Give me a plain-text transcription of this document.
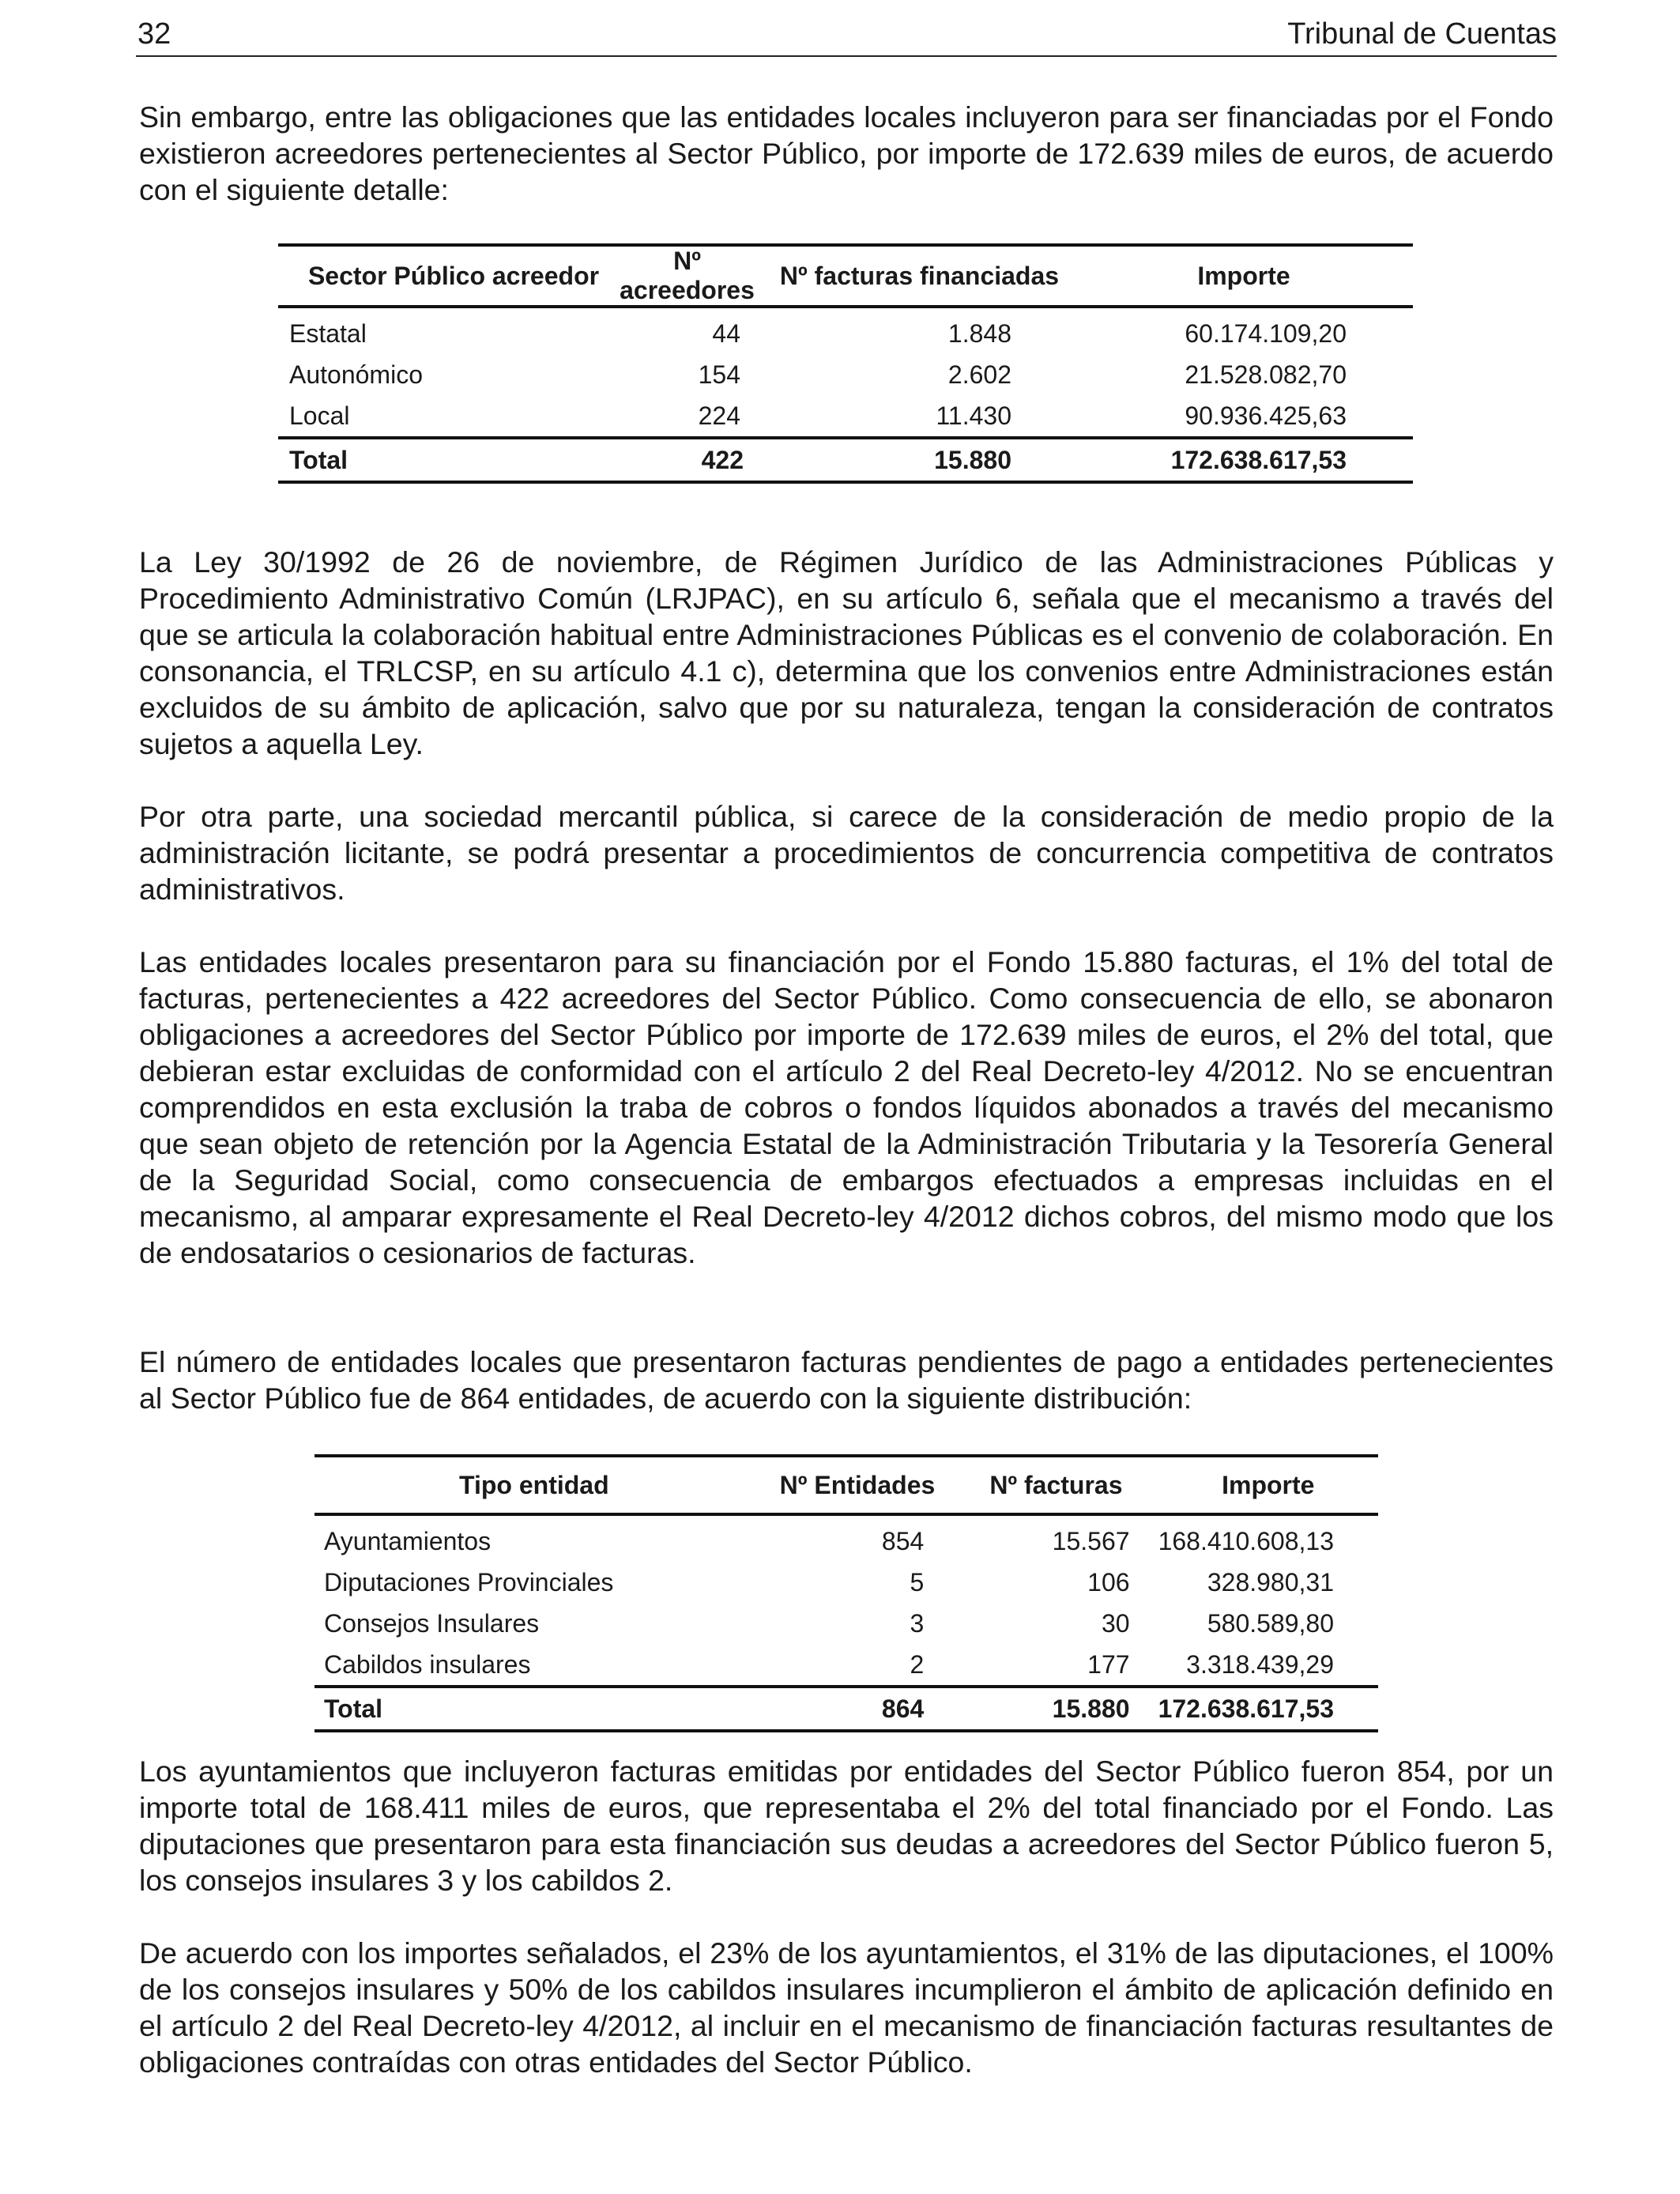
32	Tribunal de Cuentas

Sin embargo, entre las obligaciones que las entidades locales incluyeron para ser financiadas por el Fondo existieron acreedores pertenecientes al Sector Público, por importe de 172.639 miles de euros, de acuerdo con el siguiente detalle:

Sector Público acreedor	Nº acreedores	Nº facturas financiadas	Importe
Estatal	44	1.848	60.174.109,20
Autonómico	154	2.602	21.528.082,70
Local	224	11.430	90.936.425,63
Total	422	15.880	172.638.617,53

La Ley 30/1992 de 26 de noviembre, de Régimen Jurídico de las Administraciones Públicas y Procedimiento Administrativo Común (LRJPAC), en su artículo 6, señala que el mecanismo a través del que se articula la colaboración habitual entre Administraciones Públicas es el convenio de colaboración. En consonancia, el TRLCSP, en su artículo 4.1 c), determina que los convenios entre Administraciones están excluidos de su ámbito de aplicación, salvo que por su naturaleza, tengan la consideración de contratos sujetos a aquella Ley.

Por otra parte, una sociedad mercantil pública, si carece de la consideración de medio propio de la administración licitante, se podrá presentar a procedimientos de concurrencia competitiva de contratos administrativos.

Las entidades locales presentaron para su financiación por el Fondo 15.880 facturas, el 1% del total de facturas, pertenecientes a 422 acreedores del Sector Público. Como consecuencia de ello, se abonaron obligaciones a acreedores del Sector Público por importe de 172.639 miles de euros, el 2% del total, que debieran estar excluidas de conformidad con el artículo 2 del Real Decreto-ley 4/2012. No se encuentran comprendidos en esta exclusión la traba de cobros o fondos líquidos abonados a través del mecanismo que sean objeto de retención por la Agencia Estatal de la Administración Tributaria y la Tesorería General de la Seguridad Social, como consecuencia de embargos efectuados a empresas incluidas en el mecanismo, al amparar expresamente el Real Decreto-ley 4/2012 dichos cobros, del mismo modo que los de endosatarios o cesionarios de facturas.

El número de entidades locales que presentaron facturas pendientes de pago a entidades pertenecientes al Sector Público fue de 864 entidades, de acuerdo con la siguiente distribución:

Tipo entidad	Nº Entidades	Nº facturas	Importe
Ayuntamientos	854	15.567	168.410.608,13
Diputaciones Provinciales	5	106	328.980,31
Consejos Insulares	3	30	580.589,80
Cabildos insulares	2	177	3.318.439,29
Total	864	15.880	172.638.617,53

Los ayuntamientos que incluyeron facturas emitidas por entidades del Sector Público fueron 854, por un importe total de 168.411 miles de euros, que representaba el 2% del total financiado por el Fondo. Las diputaciones que presentaron para esta financiación sus deudas a acreedores del Sector Público fueron 5, los consejos insulares 3 y los cabildos 2.

De acuerdo con los importes señalados, el 23% de los ayuntamientos, el 31% de las diputaciones, el 100% de los consejos insulares y 50% de los cabildos insulares incumplieron el ámbito de aplicación definido en el artículo 2 del Real Decreto-ley 4/2012, al incluir en el mecanismo de financiación facturas resultantes de obligaciones contraídas con otras entidades del Sector Público.
